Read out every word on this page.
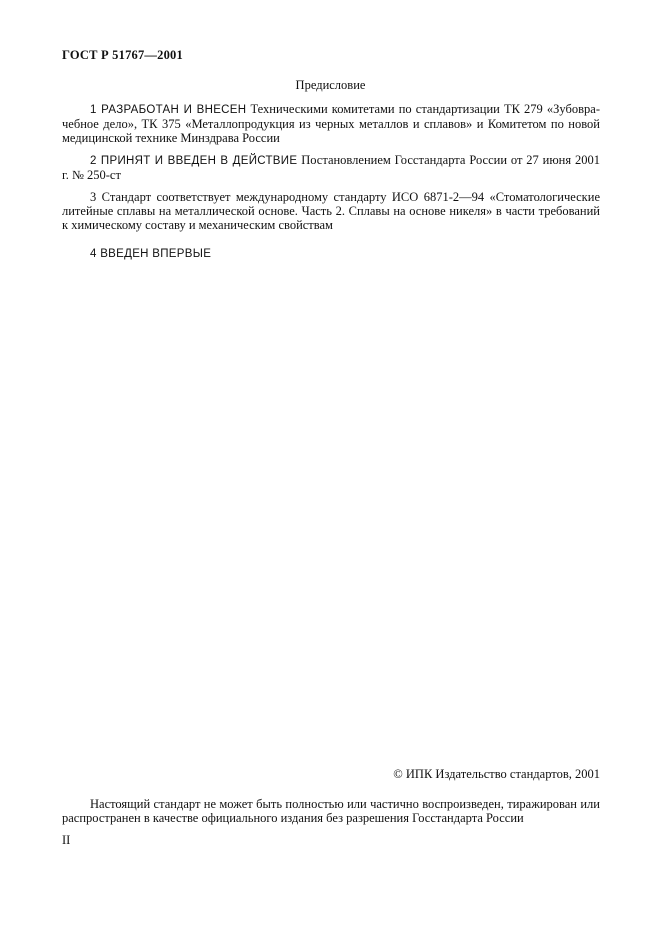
ГОСТ Р 51767—2001
Предисловие

1 РАЗРАБОТАН И ВНЕСЕН Техническими комитетами по стандартизации ТК 279 «Зубоврачебное дело», ТК 375 «Металлопродукция из черных металлов и сплавов» и Комитетом по новой медицинской технике Минздрава России

2 ПРИНЯТ И ВВЕДЕН В ДЕЙСТВИЕ Постановлением Госстандарта России от 27 июня 2001 г. № 250-ст

3 Стандарт соответствует международному стандарту ИСО 6871-2—94 «Стоматологические литейные сплавы на металлической основе. Часть 2. Сплавы на основе никеля» в части требований к химическому составу и механическим свойствам

4 ВВЕДЕН ВПЕРВЫЕ

© ИПК Издательство стандартов, 2001

Настоящий стандарт не может быть полностью или частично воспроизведен, тиражирован или распространен в качестве официального издания без разрешения Госстандарта России

II
